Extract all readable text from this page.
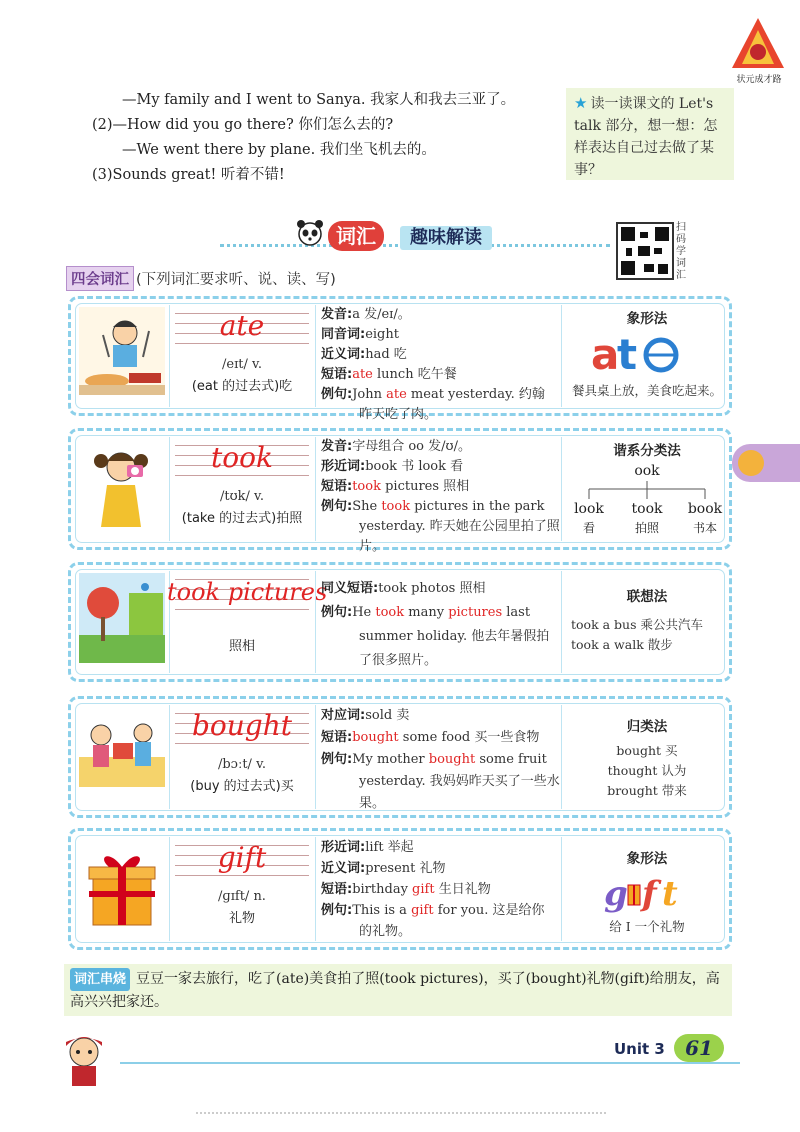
状元成才路
—My family and I went to Sanya. 我家人和我去三亚了。
(2)—How did you go there? 你们怎么去的?
—We went there by plane. 我们坐飞机去的。
(3)Sounds great! 听着不错!
★ 读一读课文的 Let's talk 部分，想一想：怎样表达自己过去做了某事？
词汇	趣味解读	扫码学词汇
四会词汇 (下列词汇要求听、说、读、写)
ate
/eɪt/ v.
(eat 的过去式)吃
发音:a 发/eɪ/。
同音词:eight
近义词:had 吃
短语:ate lunch 吃午餐
例句:John ate meat yesterday. 约翰
昨天吃了肉。
象形法
a
t
餐具桌上放，美食吃起来。
took
/tʊk/ v.
(take 的过去式)拍照
发音:字母组合 oo 发/ʊ/。
形近词:book 书 look 看
短语:took pictures 照相
例句:She took pictures in the park
yesterday. 昨天她在公园里拍了照片。
谐系分类法
ook
look	took	book
看	拍照	书本
took pictures
照相
同义短语:took photos 照相
例句:He took many pictures last
summer holiday. 他去年暑假拍了很多照片。
联想法
took a bus 乘公共汽车
took a walk 散步
bought
/bɔːt/ v.
(buy 的过去式)买
对应词:sold 卖
短语:bought some food 买一些食物
例句:My mother bought some fruit
yesterday. 我妈妈昨天买了一些水果。
归类法
bought 买
thought 认为
brought 带来
gift
/ɡɪft/ n.
礼物
形近词:lift 举起
近义词:present 礼物
短语:birthday gift 生日礼物
例句:This is a gift for you. 这是给你
的礼物。
象形法
g f t
给 I 一个礼物
词汇串烧 豆豆一家去旅行，吃了(ate)美食拍了照(took pictures)，买了(bought)礼物(gift)给朋友，高高兴兴把家还。
Unit 3	61
